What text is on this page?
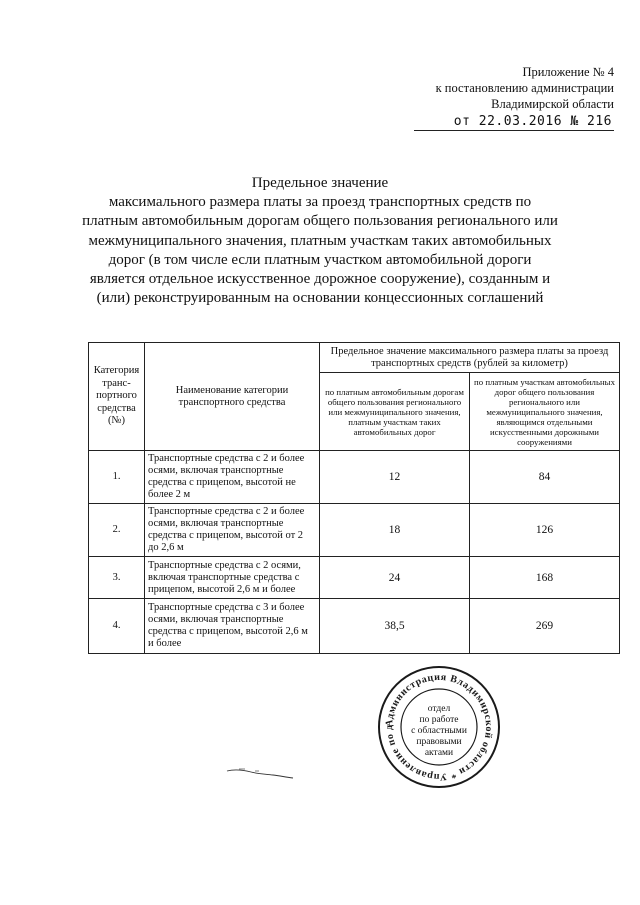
Приложение № 4
к постановлению администрации
Владимирской области
от 22.03.2016 № 216
Предельное значение
максимального размера платы за проезд транспортных средств по платным автомобильным дорогам общего пользования регионального или межмуниципального значения, платным участкам таких автомобильных дорог (в том числе если платным участком автомобильной дороги является отдельное искусственное дорожное сооружение), созданным и (или) реконструированным на основании концессионных соглашений
Категория транс-портного средства (№)	Наименование категории транспортного средства	Предельное значение максимального размера платы за проезд транспортных средств (рублей за километр)	
		по платным автомобильным дорогам общего пользования регионального или межмуниципального значения, платным участкам таких автомобильных дорог	по платным участкам автомобильных дорог общего пользования регионального или межмуниципального значения, являющимся отдельными искусственными дорожными сооружениями
1.	Транспортные средства с 2 и более осями, включая транспортные средства с прицепом, высотой не более 2 м	12	84
2.	Транспортные средства с 2 и более осями, включая транспортные средства с прицепом, высотой от 2 до 2,6 м	18	126
3.	Транспортные средства с 2 осями, включая транспортные средства с прицепом, высотой 2,6 м и более	24	168
4.	Транспортные средства с 3 и более осями, включая транспортные средства с прицепом, высотой 2,6 м и более	38,5	269
Администрация Владимирской области * Управление по д
отдел
по работе
с областными
правовыми
актами
